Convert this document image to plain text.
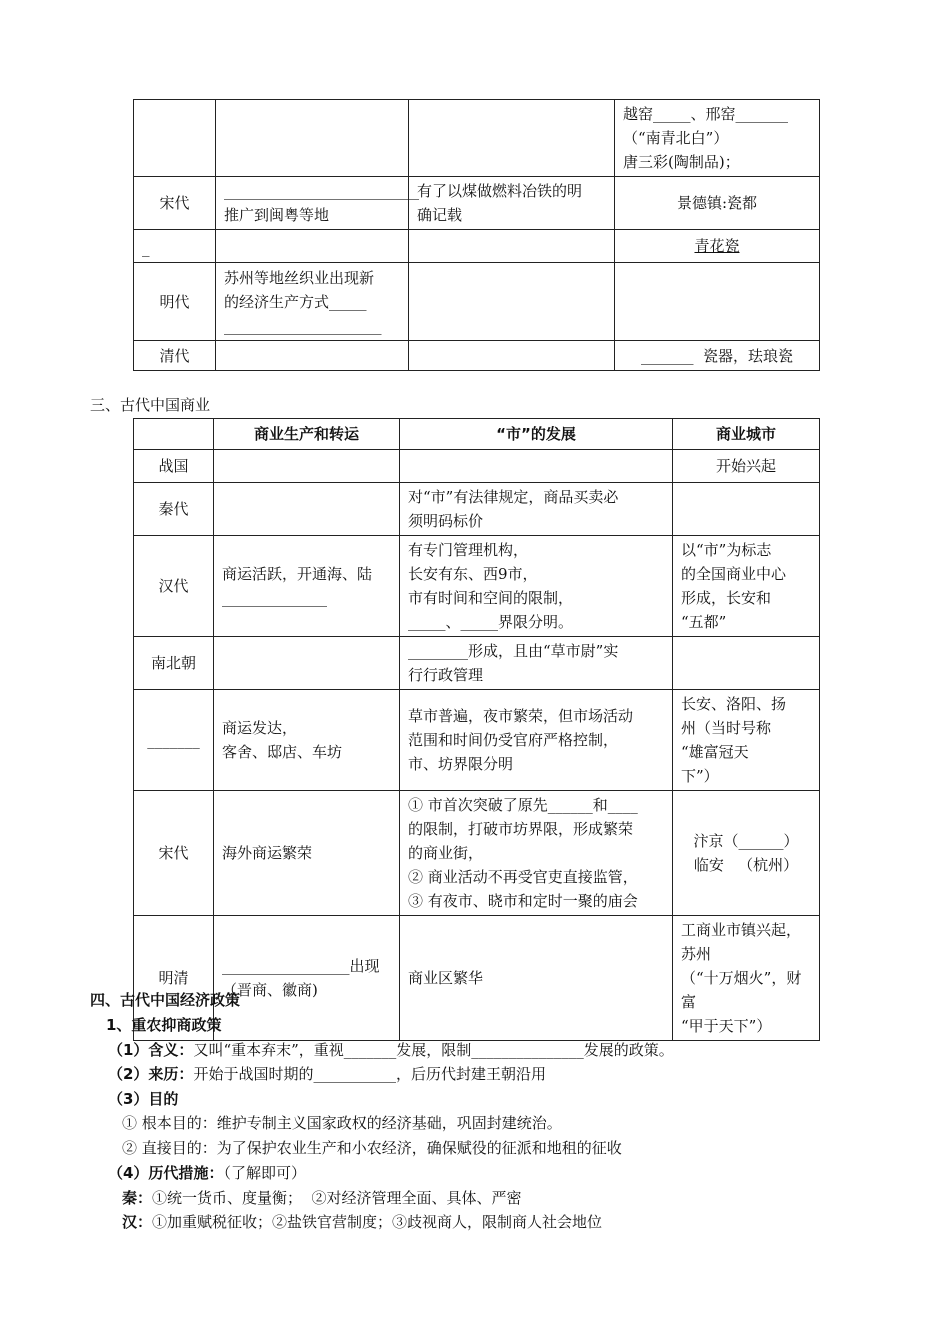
			越窑_____、邢窑_______
（“南青北白”）
唐三彩(陶制品)；

宋代	__________________________
推广到闽粤等地	有了以煤做燃料冶铁的明
确记载	景德镇:瓷都

_			青花瓷

明代	苏州等地丝织业出现新
的经济生产方式_____
_____________________		

清代			_______  瓷器，珐琅瓷
三、古代中国商业
	商业生产和转运	“市”的发展	商业城市
战国			开始兴起

秦代		对“市”有法律规定，商品买卖必
须明码标价	

汉代	商运活跃，开通海、陆
______________	有专门管理机构，
长安有东、西9市，
市有时间和空间的限制，
_____、_____界限分明。	以“市”为标志
的全国商业中心
形成，长安和
“五都”

南北朝		________形成，且由“草市尉”实
行行政管理	

_______	商运发达，
客舍、邸店、车坊	草市普遍，夜市繁荣，但市场活动
范围和时间仍受官府严格控制，
市、坊界限分明	长安、洛阳、扬
州（当时号称
“雄富冠天
下”）

宋代	海外商运繁荣	① 市首次突破了原先______和____
的限制，打破市坊界限，形成繁荣
的商业街，
② 商业活动不再受官吏直接监管，
③ 有夜市、晓市和定时一聚的庙会	汴京（______）
临安   （杭州）

明清	_________________出现
（晋商、徽商)	商业区繁华	工商业市镇兴起，苏州
（“十万烟火”，财富
“甲于天下”）
四、古代中国经济政策
1、重农抑商政策
（1）含义：又叫“重本弃末”，重视_______发展，限制_______________发展的政策。
（2）来历：开始于战国时期的___________，后历代封建王朝沿用
（3）目的
① 根本目的：维护专制主义国家政权的经济基础，巩固封建统治。
② 直接目的：为了保护农业生产和小农经济，确保赋役的征派和地租的征收
（4）历代措施：（了解即可）
秦：①统一货币、度量衡；  ②对经济管理全面、具体、严密
汉：①加重赋税征收；②盐铁官营制度；③歧视商人，限制商人社会地位
